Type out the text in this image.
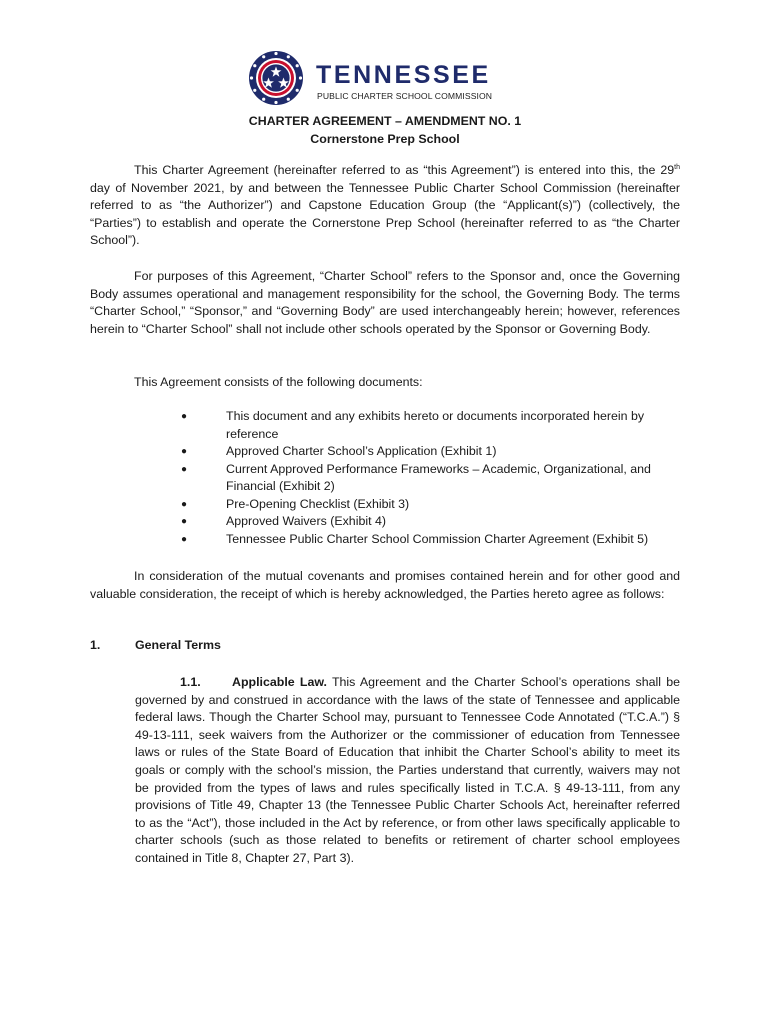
TENNESSEE
PUBLIC CHARTER SCHOOL COMMISSION
CHARTER AGREEMENT – AMENDMENT NO. 1
Cornerstone Prep School

This Charter Agreement (hereinafter referred to as “this Agreement”) is entered into this, the 29th day of November 2021, by and between the Tennessee Public Charter School Commission (hereinafter referred to as “the Authorizer”) and Capstone Education Group (the “Applicant(s)”) (collectively, the “Parties”) to establish and operate the Cornerstone Prep School (hereinafter referred to as “the Charter School”).

For purposes of this Agreement, “Charter School” refers to the Sponsor and, once the Governing Body assumes operational and management responsibility for the school, the Governing Body. The terms “Charter School,” “Sponsor,” and “Governing Body” are used interchangeably herein; however, references herein to “Charter School” shall not include other schools operated by the Sponsor or Governing Body.

This Agreement consists of the following documents:

●	This document and any exhibits hereto or documents incorporated herein by reference
●	Approved Charter School’s Application (Exhibit 1)
●	Current Approved Performance Frameworks – Academic, Organizational, and Financial (Exhibit 2)
●	Pre-Opening Checklist (Exhibit 3)
●	Approved Waivers (Exhibit 4)
●	Tennessee Public Charter School Commission Charter Agreement (Exhibit 5)

In consideration of the mutual covenants and promises contained herein and for other good and valuable consideration, the receipt of which is hereby acknowledged, the Parties hereto agree as follows:

1.	General Terms

1.1.	Applicable Law. This Agreement and the Charter School’s operations shall be governed by and construed in accordance with the laws of the state of Tennessee and applicable federal laws. Though the Charter School may, pursuant to Tennessee Code Annotated (“T.C.A.”) § 49-13-111, seek waivers from the Authorizer or the commissioner of education from Tennessee laws or rules of the State Board of Education that inhibit the Charter School’s ability to meet its goals or comply with the school’s mission, the Parties understand that currently, waivers may not be provided from the types of laws and rules specifically listed in T.C.A. § 49-13-111, from any provisions of Title 49, Chapter 13 (the Tennessee Public Charter Schools Act, hereinafter referred to as the “Act”), those included in the Act by reference, or from other laws specifically applicable to charter schools (such as those related to benefits or retirement of charter school employees contained in Title 8, Chapter 27, Part 3).
